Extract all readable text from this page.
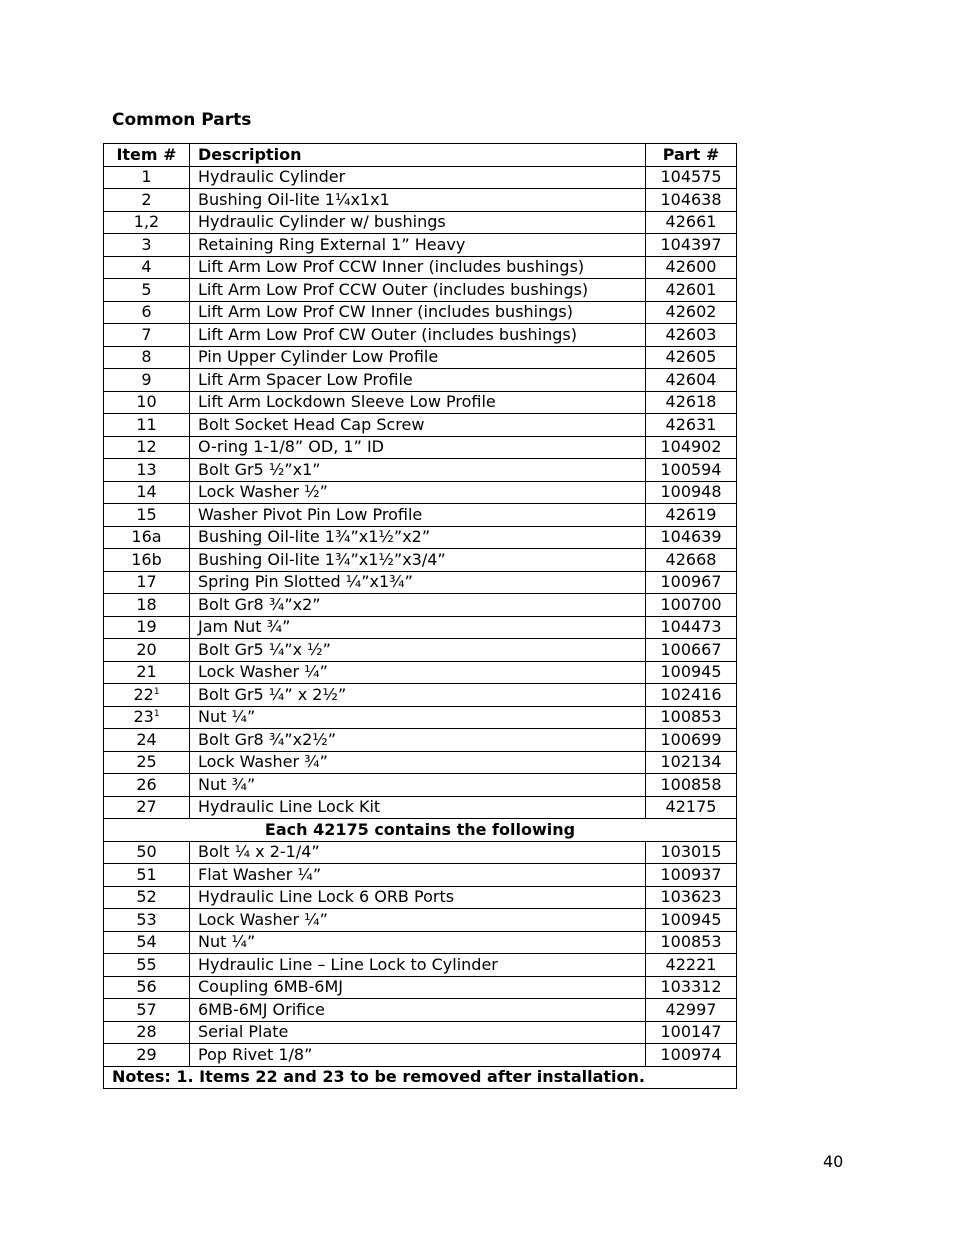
Common Parts
Item #	Description	Part #
1	Hydraulic Cylinder	104575
2	Bushing Oil-lite 1¼x1x1	104638
1,2	Hydraulic Cylinder w/ bushings	42661
3	Retaining Ring External 1” Heavy	104397
4	Lift Arm Low Prof CCW Inner (includes bushings)	42600
5	Lift Arm Low Prof CCW Outer (includes bushings)	42601
6	Lift Arm Low Prof CW Inner (includes bushings)	42602
7	Lift Arm Low Prof CW Outer (includes bushings)	42603
8	Pin Upper Cylinder Low Profile	42605
9	Lift Arm Spacer Low Profile	42604
10	Lift Arm Lockdown Sleeve Low Profile	42618
11	Bolt Socket Head Cap Screw	42631
12	O-ring 1-1/8” OD, 1” ID	104902
13	Bolt Gr5 ½”x1”	100594
14	Lock Washer ½”	100948
15	Washer Pivot Pin Low Profile	42619
16a	Bushing Oil-lite 1¾”x1½”x2”	104639
16b	Bushing Oil-lite 1¾”x1½”x3/4”	42668
17	Spring Pin Slotted ¼”x1¾”	100967
18	Bolt Gr8 ¾”x2”	100700
19	Jam Nut ¾”	104473
20	Bolt Gr5 ¼”x ½”	100667
21	Lock Washer ¼”	100945
$22^1$	Bolt Gr5 ¼” x 2½”	102416
$23^1$	Nut ¼”	100853
24	Bolt Gr8 ¾”x2½”	100699
25	Lock Washer ¾”	102134
26	Nut ¾”	100858
27	Hydraulic Line Lock Kit	42175
Each 42175 contains the following		
50	Bolt ¼ x 2-1/4”	103015
51	Flat Washer ¼”	100937
52	Hydraulic Line Lock 6 ORB Ports	103623
53	Lock Washer ¼”	100945
54	Nut ¼”	100853
55	Hydraulic Line – Line Lock to Cylinder	42221
56	Coupling 6MB-6MJ	103312
57	6MB-6MJ Orifice	42997
28	Serial Plate	100147
29	Pop Rivet 1/8”	100974
Notes: 1. Items 22 and 23 to be removed after installation.		
40
